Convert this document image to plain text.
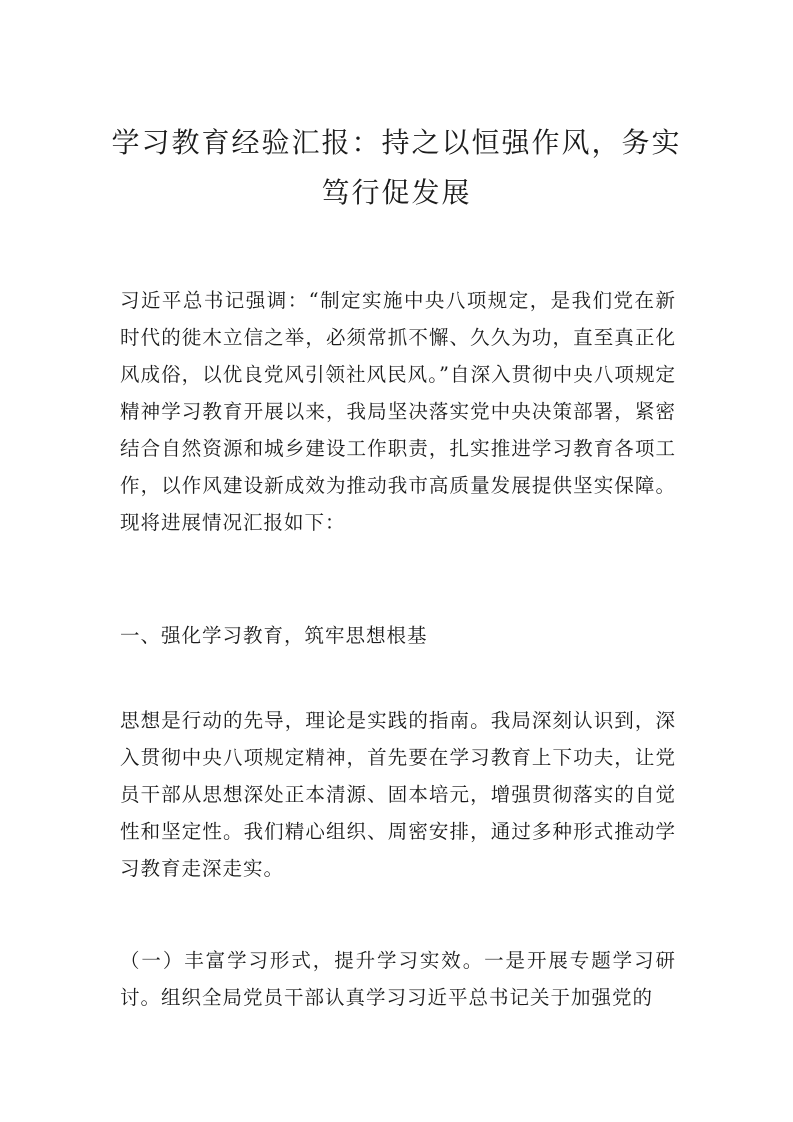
学习教育经验汇报：持之以恒强作风，务实
笃行促发展

习近平总书记强调：“制定实施中央八项规定，是我们党在新时代的徙木立信之举，必须常抓不懈、久久为功，直至真正化风成俗，以优良党风引领社风民风。”自深入贯彻中央八项规定精神学习教育开展以来，我局坚决落实党中央决策部署，紧密结合自然资源和城乡建设工作职责，扎实推进学习教育各项工作，以作风建设新成效为推动我市高质量发展提供坚实保障。现将进展情况汇报如下：

一、强化学习教育，筑牢思想根基

思想是行动的先导，理论是实践的指南。我局深刻认识到，深入贯彻中央八项规定精神，首先要在学习教育上下功夫，让党员干部从思想深处正本清源、固本培元，增强贯彻落实的自觉性和坚定性。我们精心组织、周密安排，通过多种形式推动学习教育走深走实。

（一）丰富学习形式，提升学习实效。一是开展专题学习研讨。组织全局党员干部认真学习习近平总书记关于加强党的
